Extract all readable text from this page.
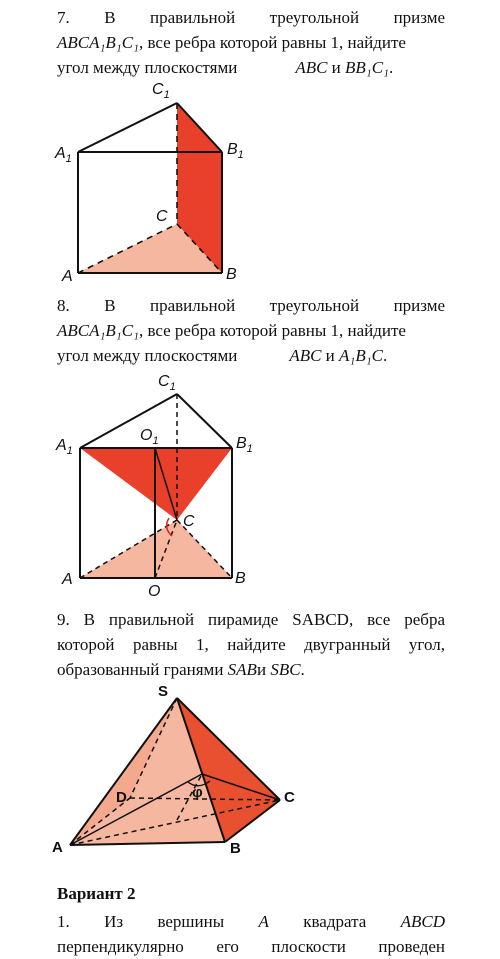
7. В правильной треугольной призме

ABCA₁B₁C₁, все ребра которой равны 1, найдите

угол между плоскостями	ABC и BB₁C₁.

$C_1$
$A_1$
$B_1$
C
A	B

8. В правильной треугольной призме

ABCA₁B₁C₁, все ребра которой равны 1, найдите

угол между плоскостями	ABC и A₁B₁C.

$C_1$
$A_1$
$O_1$	$B_1$
C
A
O
B

9. В правильной пирамиде SABCD, все ребра

которой равны 1, найдите двугранный угол,

образованный гранями SABи SBC.

S
D	φ	C
A	B

Вариант 2

1. Из вершины A квадрата ABCD

перпендикулярно его плоскости проведен
